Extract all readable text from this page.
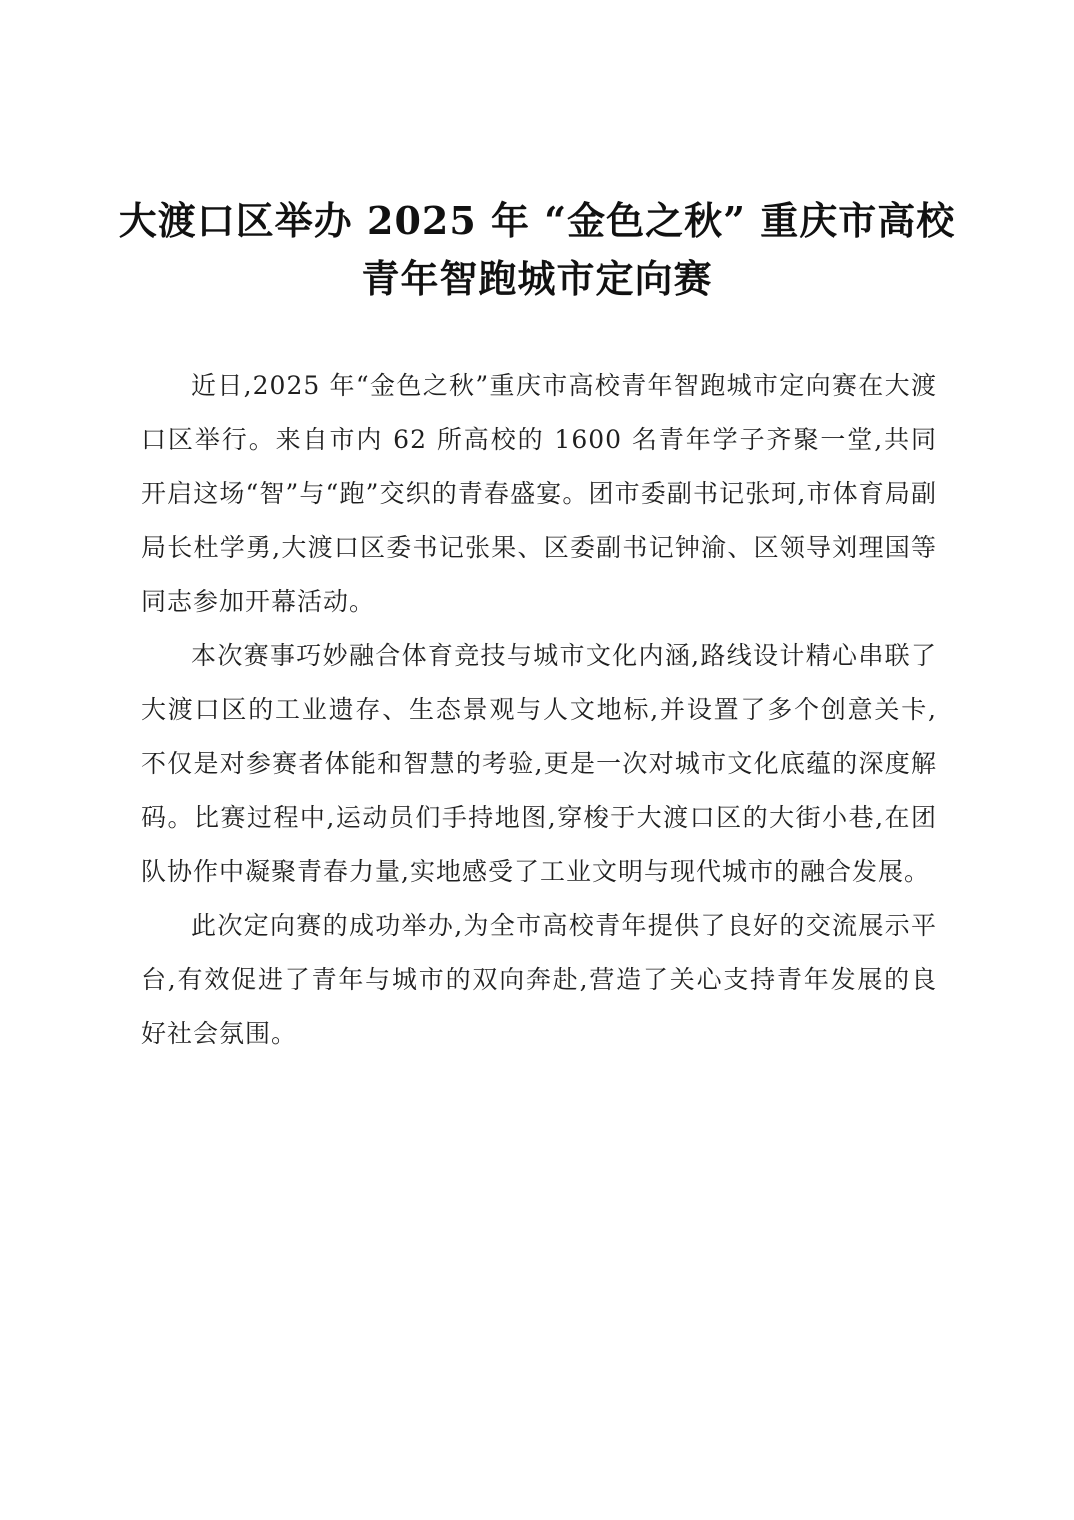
大渡口区举办 2025 年 “金色之秋” 重庆市高校
青年智跑城市定向赛

近日,2025 年“金色之秋”重庆市高校青年智跑城市定向赛在大渡口区举行。来自市内 62 所高校的 1600 名青年学子齐聚一堂,共同开启这场“智”与“跑”交织的青春盛宴。团市委副书记张珂,市体育局副局长杜学勇,大渡口区委书记张果、区委副书记钟渝、区领导刘理国等同志参加开幕活动。

本次赛事巧妙融合体育竞技与城市文化内涵,路线设计精心串联了大渡口区的工业遗存、生态景观与人文地标,并设置了多个创意关卡,不仅是对参赛者体能和智慧的考验,更是一次对城市文化底蕴的深度解码。比赛过程中,运动员们手持地图,穿梭于大渡口区的大街小巷,在团队协作中凝聚青春力量,实地感受了工业文明与现代城市的融合发展。

此次定向赛的成功举办,为全市高校青年提供了良好的交流展示平台,有效促进了青年与城市的双向奔赴,营造了关心支持青年发展的良好社会氛围。
